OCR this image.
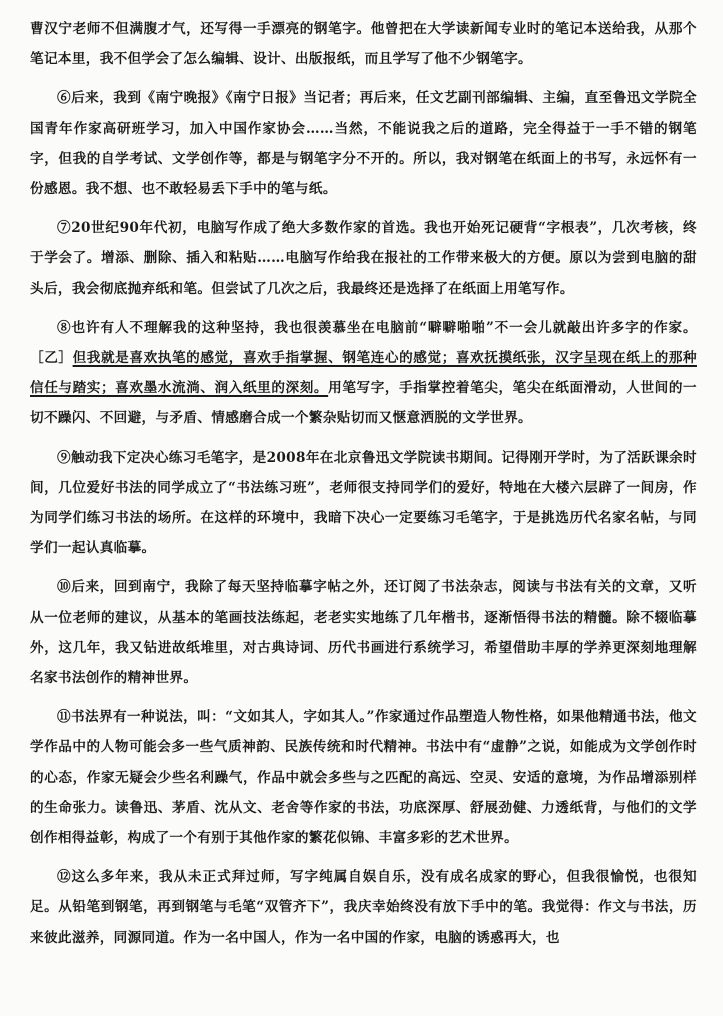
曹汉宁老师不但满腹才气，还写得一手漂亮的钢笔字。他曾把在大学读新闻专业时的笔记本送给我，从那个笔记本里，我不但学会了怎么编辑、设计、出版报纸，而且学写了他不少钢笔字。

⑥后来，我到《南宁晚报》《南宁日报》当记者；再后来，任文艺副刊部编辑、主编，直至鲁迅文学院全国青年作家高研班学习，加入中国作家协会……当然，不能说我之后的道路，完全得益于一手不错的钢笔字，但我的自学考试、文学创作等，都是与钢笔字分不开的。所以，我对钢笔在纸面上的书写，永远怀有一份感恩。我不想、也不敢轻易丢下手中的笔与纸。

⑦20世纪90年代初，电脑写作成了绝大多数作家的首选。我也开始死记硬背“字根表”，几次考核，终于学会了。增添、删除、插入和粘贴……电脑写作给我在报社的工作带来极大的方便。原以为尝到电脑的甜头后，我会彻底抛弃纸和笔。但尝试了几次之后，我最终还是选择了在纸面上用笔写作。

⑧也许有人不理解我的这种坚持，我也很羡慕坐在电脑前“噼噼啪啪”不一会儿就敲出许多字的作家。［乙］但我就是喜欢执笔的感觉，喜欢手指掌握、钢笔连心的感觉；喜欢抚摸纸张，汉字呈现在纸上的那种信任与踏实；喜欢墨水流淌、润入纸里的深刻。用笔写字，手指掌控着笔尖，笔尖在纸面滑动，人世间的一切不躁闪、不回避，与矛盾、情感磨合成一个繁杂贴切而又惬意洒脱的文学世界。

⑨触动我下定决心练习毛笔字，是2008年在北京鲁迅文学院读书期间。记得刚开学时，为了活跃课余时间，几位爱好书法的同学成立了“书法练习班”，老师很支持同学们的爱好，特地在大楼六层辟了一间房，作为同学们练习书法的场所。在这样的环境中，我暗下决心一定要练习毛笔字，于是挑选历代名家名帖，与同学们一起认真临摹。

⑩后来，回到南宁，我除了每天坚持临摹字帖之外，还订阅了书法杂志，阅读与书法有关的文章，又听从一位老师的建议，从基本的笔画技法练起，老老实实地练了几年楷书，逐渐悟得书法的精髓。除不辍临摹外，这几年，我又钻进故纸堆里，对古典诗词、历代书画进行系统学习，希望借助丰厚的学养更深刻地理解名家书法创作的精神世界。

⑪书法界有一种说法，叫：“文如其人，字如其人。”作家通过作品塑造人物性格，如果他精通书法，他文学作品中的人物可能会多一些气质神韵、民族传统和时代精神。书法中有“虚静”之说，如能成为文学创作时的心态，作家无疑会少些名利躁气，作品中就会多些与之匹配的高远、空灵、安适的意境，为作品增添别样的生命张力。读鲁迅、茅盾、沈从文、老舍等作家的书法，功底深厚、舒展劲健、力透纸背，与他们的文学创作相得益彰，构成了一个有别于其他作家的繁花似锦、丰富多彩的艺术世界。

⑫这么多年来，我从未正式拜过师，写字纯属自娱自乐，没有成名成家的野心，但我很愉悦，也很知足。从铅笔到钢笔，再到钢笔与毛笔“双管齐下”，我庆幸始终没有放下手中的笔。我觉得：作文与书法，历来彼此滋养，同源同道。作为一名中国人，作为一名中国的作家，电脑的诱惑再大，也
